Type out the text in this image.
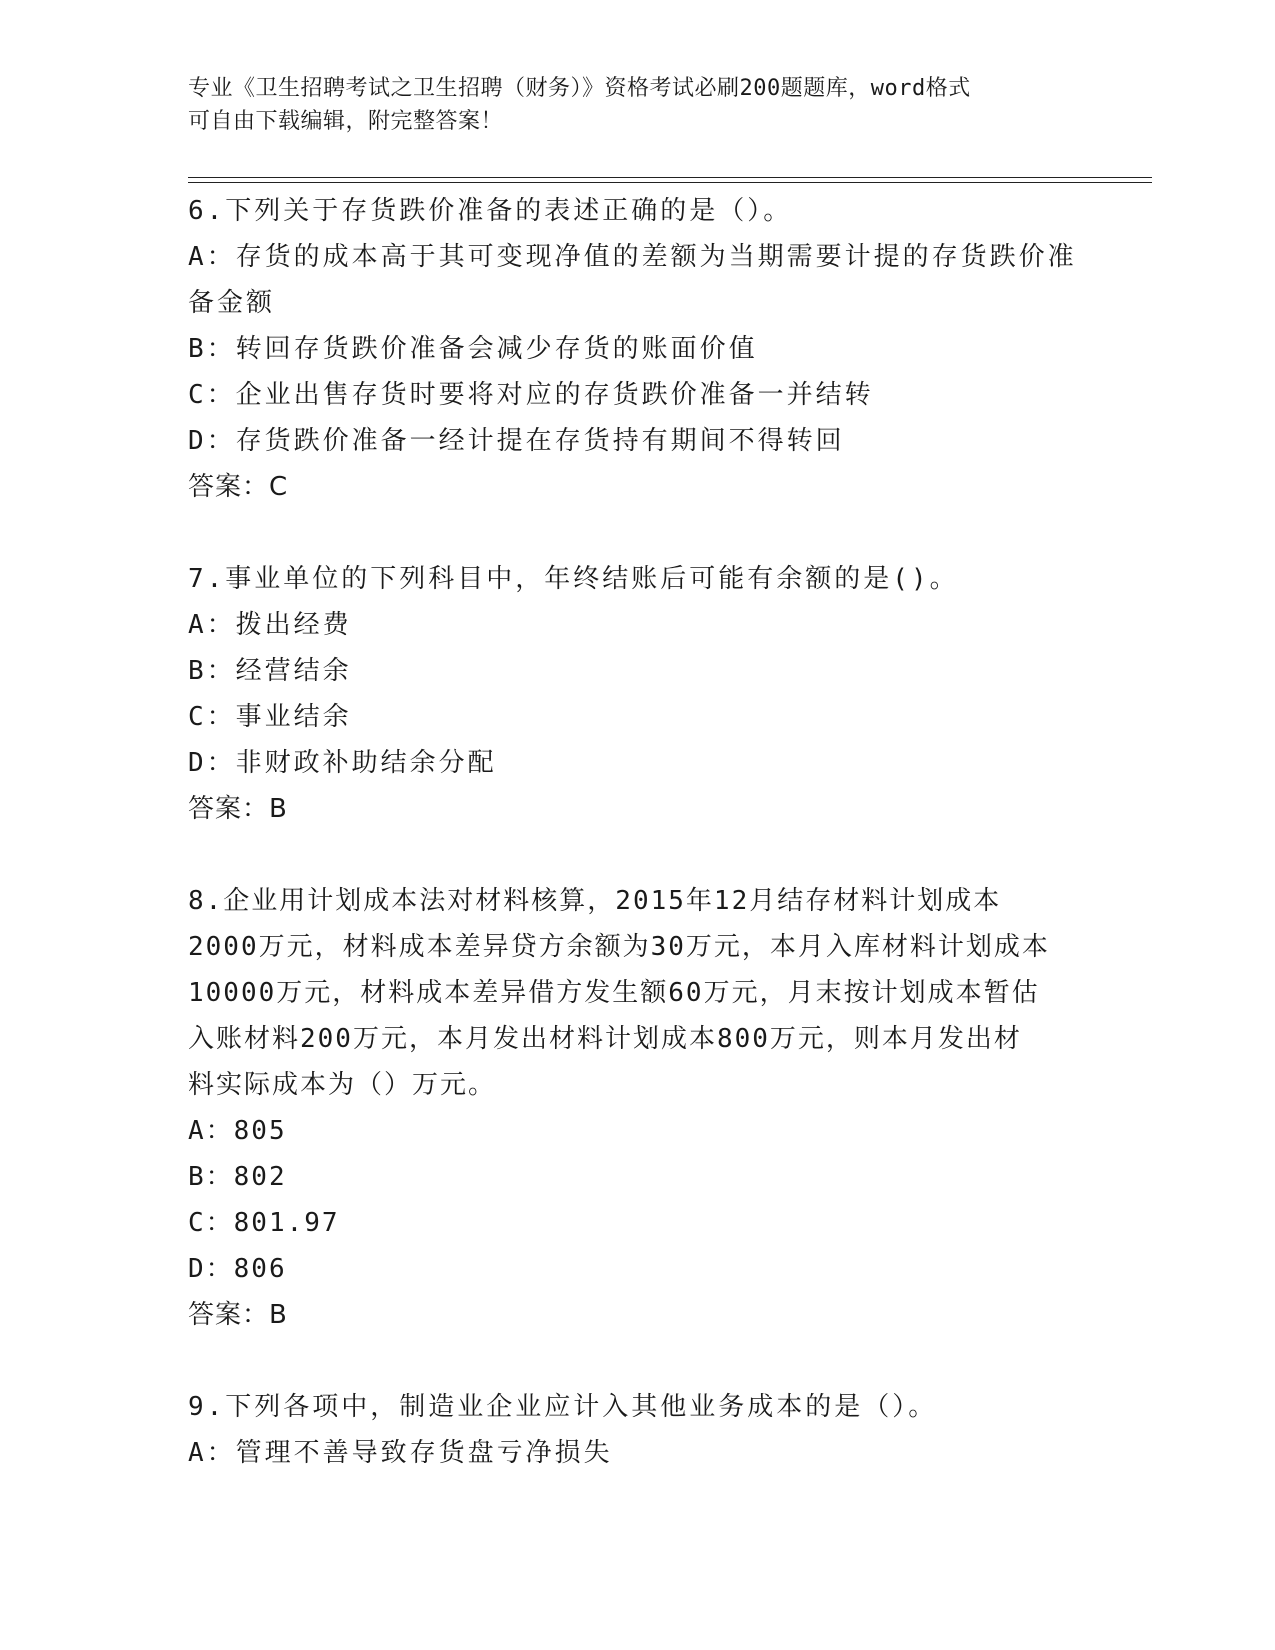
专业《卫生招聘考试之卫生招聘（财务）》资格考试必刷200题题库，word格式
可自由下载编辑，附完整答案！
6.下列关于存货跌价准备的表述正确的是（）。
A：存货的成本高于其可变现净值的差额为当期需要计提的存货跌价准
备金额
B：转回存货跌价准备会减少存货的账面价值
C：企业出售存货时要将对应的存货跌价准备一并结转
D：存货跌价准备一经计提在存货持有期间不得转回
答案：C
7.事业单位的下列科目中，年终结账后可能有余额的是()。
A：拨出经费
B：经营结余
C：事业结余
D：非财政补助结余分配
答案：B
8.企业用计划成本法对材料核算，2015年12月结存材料计划成本
2000万元，材料成本差异贷方余额为30万元，本月入库材料计划成本
10000万元，材料成本差异借方发生额60万元，月末按计划成本暂估
入账材料200万元，本月发出材料计划成本800万元，则本月发出材
料实际成本为（）万元。
A：805
B：802
C：801.97
D：806
答案：B
9.下列各项中，制造业企业应计入其他业务成本的是（）。
A：管理不善导致存货盘亏净损失
